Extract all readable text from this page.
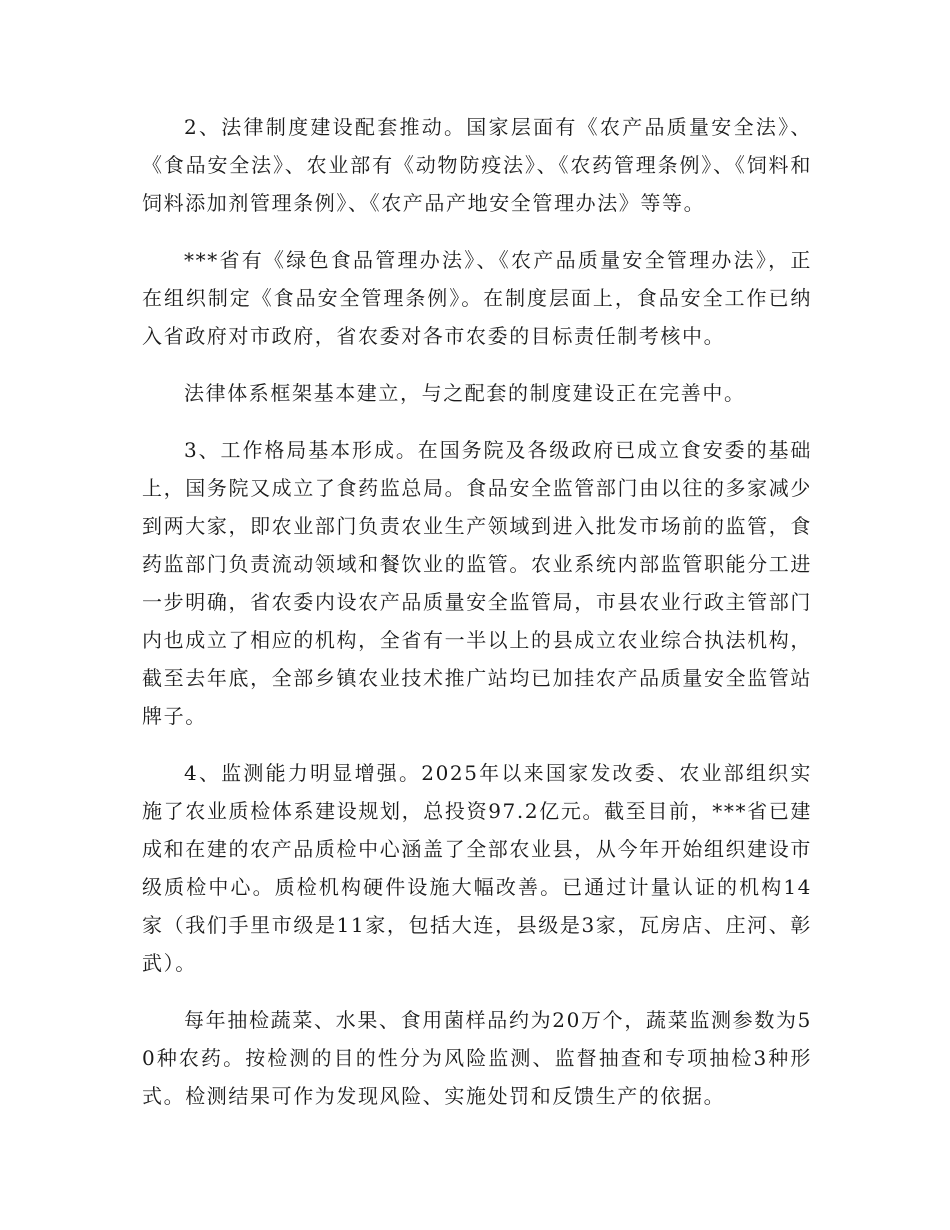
2、法律制度建设配套推动。国家层面有《农产品质量安全法》、《食品安全法》、农业部有《动物防疫法》、《农药管理条例》、《饲料和饲料添加剂管理条例》、《农产品产地安全管理办法》等等。

***省有《绿色食品管理办法》、《农产品质量安全管理办法》，正在组织制定《食品安全管理条例》。在制度层面上，食品安全工作已纳入省政府对市政府，省农委对各市农委的目标责任制考核中。

法律体系框架基本建立，与之配套的制度建设正在完善中。

3、工作格局基本形成。在国务院及各级政府已成立食安委的基础上，国务院又成立了食药监总局。食品安全监管部门由以往的多家减少到两大家，即农业部门负责农业生产领域到进入批发市场前的监管，食药监部门负责流动领域和餐饮业的监管。农业系统内部监管职能分工进一步明确，省农委内设农产品质量安全监管局，市县农业行政主管部门内也成立了相应的机构，全省有一半以上的县成立农业综合执法机构，截至去年底，全部乡镇农业技术推广站均已加挂农产品质量安全监管站牌子。

4、监测能力明显增强。2025年以来国家发改委、农业部组织实施了农业质检体系建设规划，总投资97.2亿元。截至目前，***省已建成和在建的农产品质检中心涵盖了全部农业县，从今年开始组织建设市级质检中心。质检机构硬件设施大幅改善。已通过计量认证的机构14家（我们手里市级是11家，包括大连，县级是3家，瓦房店、庄河、彰武）。

每年抽检蔬菜、水果、食用菌样品约为20万个，蔬菜监测参数为50种农药。按检测的目的性分为风险监测、监督抽查和专项抽检3种形式。检测结果可作为发现风险、实施处罚和反馈生产的依据。
